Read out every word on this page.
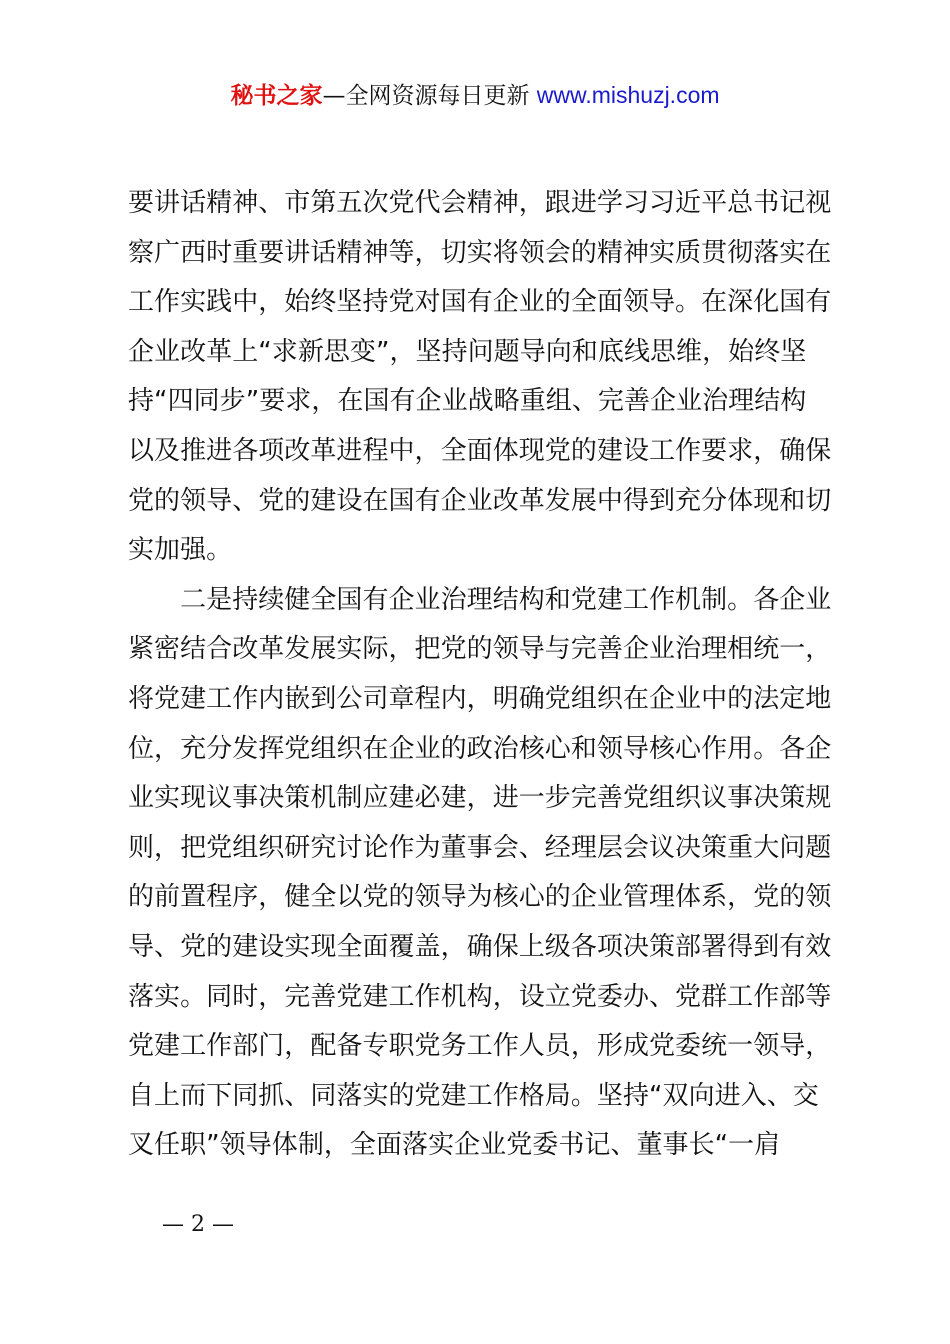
秘书之家—全网资源每日更新 www.mishuzj.com

要讲话精神、市第五次党代会精神，跟进学习习近平总书记视

察广西时重要讲话精神等，切实将领会的精神实质贯彻落实在

工作实践中，始终坚持党对国有企业的全面领导。在深化国有

企业改革上“求新思变”，坚持问题导向和底线思维，始终坚

持“四同步”要求，在国有企业战略重组、完善企业治理结构

以及推进各项改革进程中，全面体现党的建设工作要求，确保

党的领导、党的建设在国有企业改革发展中得到充分体现和切

实加强。

　　二是持续健全国有企业治理结构和党建工作机制。各企业

紧密结合改革发展实际，把党的领导与完善企业治理相统一，

将党建工作内嵌到公司章程内，明确党组织在企业中的法定地

位，充分发挥党组织在企业的政治核心和领导核心作用。各企

业实现议事决策机制应建必建，进一步完善党组织议事决策规

则，把党组织研究讨论作为董事会、经理层会议决策重大问题

的前置程序，健全以党的领导为核心的企业管理体系，党的领

导、党的建设实现全面覆盖，确保上级各项决策部署得到有效

落实。同时，完善党建工作机构，设立党委办、党群工作部等

党建工作部门，配备专职党务工作人员，形成党委统一领导，

自上而下同抓、同落实的党建工作格局。坚持“双向进入、交

叉任职”领导体制，全面落实企业党委书记、董事长“一肩

— 2 —
